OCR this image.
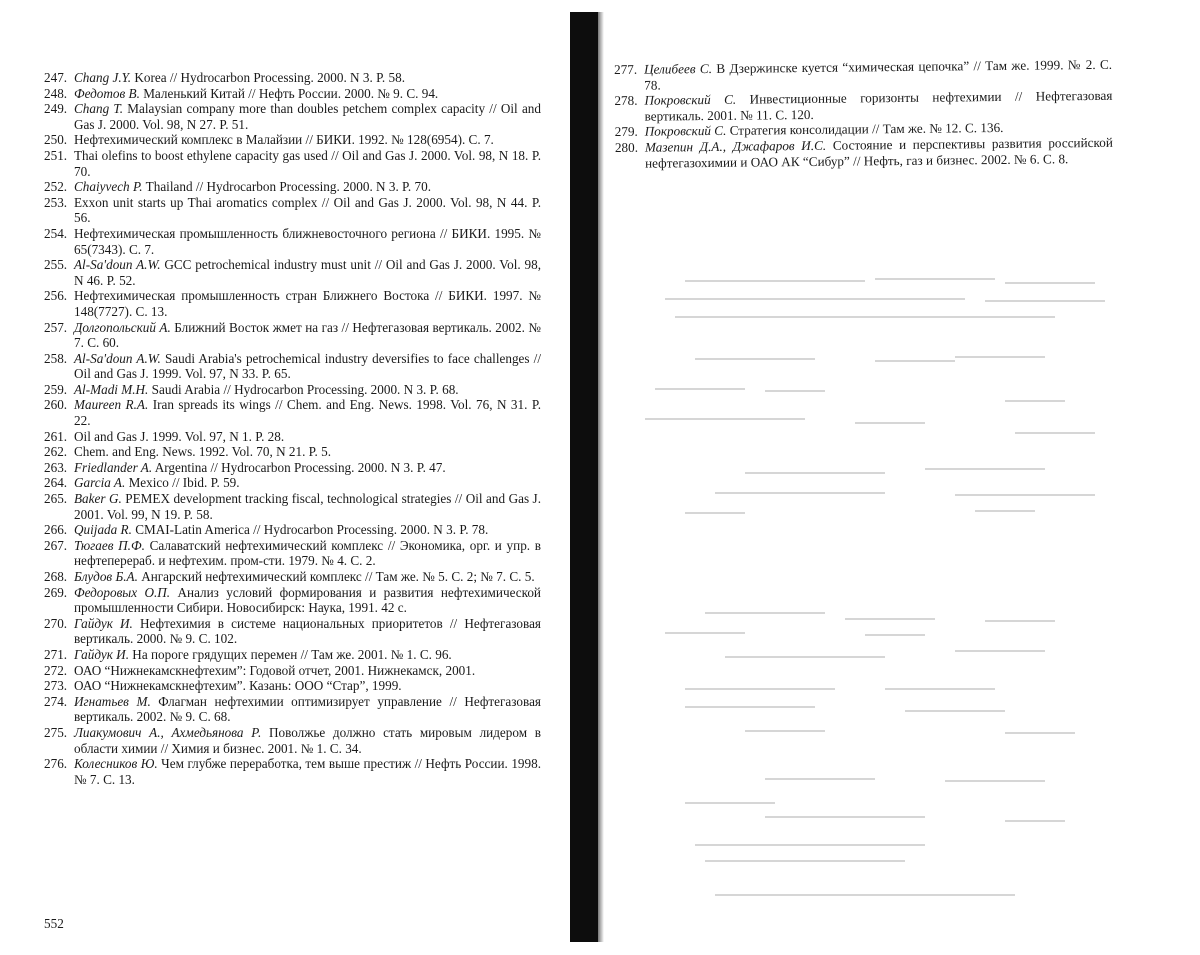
247. Chang J.Y. Korea // Hydrocarbon Processing. 2000. N 3. P. 58.
248. Федотов В. Маленький Китай // Нефть России. 2000. № 9. С. 94.
249. Chang T. Malaysian company more than doubles petchem complex capacity // Oil and Gas J. 2000. Vol. 98, N 27. P. 51.
250. Нефтехимический комплекс в Малайзии // БИКИ. 1992. № 128(6954). С. 7.
251. Thai olefins to boost ethylene capacity gas used // Oil and Gas J. 2000. Vol. 98, N 18. P. 70.
252. Chaiyvech P. Thailand // Hydrocarbon Processing. 2000. N 3. P. 70.
253. Exxon unit starts up Thai aromatics complex // Oil and Gas J. 2000. Vol. 98, N 44. P. 56.
254. Нефтехимическая промышленность ближневосточного региона // БИКИ. 1995. № 65(7343). С. 7.
255. Al-Sa'doun A.W. GCC petrochemical industry must unit // Oil and Gas J. 2000. Vol. 98, N 46. P. 52.
256. Нефтехимическая промышленность стран Ближнего Востока // БИКИ. 1997. № 148(7727). С. 13.
257. Долгопольский А. Ближний Восток жмет на газ // Нефтегазовая вертикаль. 2002. № 7. С. 60.
258. Al-Sa'doun A.W. Saudi Arabia's petrochemical industry deversifies to face challenges // Oil and Gas J. 1999. Vol. 97, N 33. P. 65.
259. Al-Madi M.H. Saudi Arabia // Hydrocarbon Processing. 2000. N 3. P. 68.
260. Maureen R.A. Iran spreads its wings // Chem. and Eng. News. 1998. Vol. 76, N 31. P. 22.
261. Oil and Gas J. 1999. Vol. 97, N 1. P. 28.
262. Chem. and Eng. News. 1992. Vol. 70, N 21. P. 5.
263. Friedlander A. Argentina // Hydrocarbon Processing. 2000. N 3. P. 47.
264. Garcia A. Mexico // Ibid. P. 59.
265. Baker G. PEMEX development tracking fiscal, technological strategies // Oil and Gas J. 2001. Vol. 99, N 19. P. 58.
266. Quijada R. CMAI-Latin America // Hydrocarbon Processing. 2000. N 3. P. 78.
267. Тюгаев П.Ф. Салаватский нефтехимический комплекс // Экономика, орг. и упр. в нефтеперераб. и нефтехим. пром-сти. 1979. № 4. С. 2.
268. Блудов Б.А. Ангарский нефтехимический комплекс // Там же. № 5. С. 2; № 7. С. 5.
269. Федоровых О.П. Анализ условий формирования и развития нефтехимической промышленности Сибири. Новосибирск: Наука, 1991. 42 с.
270. Гайдук И. Нефтехимия в системе национальных приоритетов // Нефтегазовая вертикаль. 2000. № 9. С. 102.
271. Гайдук И. На пороге грядущих перемен // Там же. 2001. № 1. С. 96.
272. ОАО “Нижнекамскнефтехим”: Годовой отчет, 2001. Нижнекамск, 2001.
273. ОАО “Нижнекамскнефтехим”. Казань: ООО “Стар”, 1999.
274. Игнатьев М. Флагман нефтехимии оптимизирует управление // Нефтегазовая вертикаль. 2002. № 9. С. 68.
275. Лиакумович А., Ахмедьянова Р. Поволжье должно стать мировым лидером в области химии // Химия и бизнес. 2001. № 1. С. 34.
276. Колесников Ю. Чем глубже переработка, тем выше престиж // Нефть России. 1998. № 7. С. 13.
552
277. Целибеев С. В Дзержинске куется “химическая цепочка” // Там же. 1999. № 2. С. 78.
278. Покровский С. Инвестиционные горизонты нефтехимии // Нефтегазовая вертикаль. 2001. № 11. С. 120.
279. Покровский С. Стратегия консолидации // Там же. № 12. С. 136.
280. Мазепин Д.А., Джафаров И.С. Состояние и перспективы развития российской нефтегазохимии и ОАО АК “Сибур” // Нефть, газ и бизнес. 2002. № 6. С. 8.
